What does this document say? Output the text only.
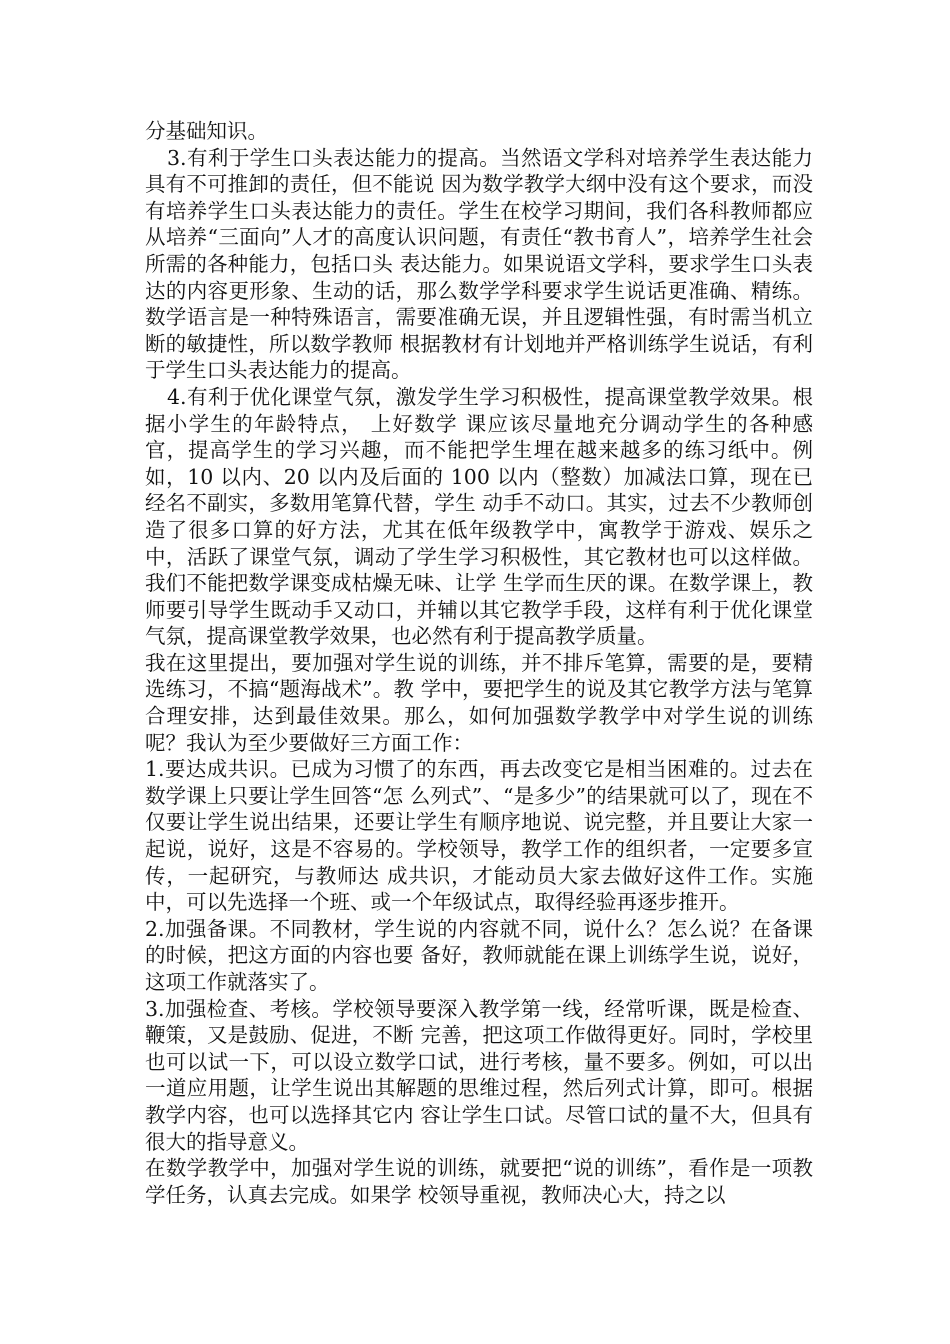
分基础知识。

3.有利于学生口头表达能力的提高。当然语文学科对培养学生表达能力具有不可推卸的责任，但不能说 因为数学教学大纲中没有这个要求，而没有培养学生口头表达能力的责任。学生在校学习期间，我们各科教师都应从培养“三面向”人才的高度认识问题，有责任“教书育人”，培养学生社会所需的各种能力，包括口头 表达能力。如果说语文学科，要求学生口头表达的内容更形象、生动的话，那么数学学科要求学生说话更准确、精练。数学语言是一种特殊语言，需要准确无误，并且逻辑性强，有时需当机立断的敏捷性，所以数学教师 根据教材有计划地并严格训练学生说话，有利于学生口头表达能力的提高。

4.有利于优化课堂气氛，激发学生学习积极性，提高课堂教学效果。根据小学生的年龄特点， 上好数学 课应该尽量地充分调动学生的各种感官，提高学生的学习兴趣，而不能把学生埋在越来越多的练习纸中。例如，10 以内、20 以内及后面的 100 以内（整数）加减法口算，现在已经名不副实，多数用笔算代替，学生 动手不动口。其实，过去不少教师创造了很多口算的好方法，尤其在低年级教学中，寓教学于游戏、娱乐之中，活跃了课堂气氛，调动了学生学习积极性，其它教材也可以这样做。我们不能把数学课变成枯燥无味、让学 生学而生厌的课。在数学课上，教师要引导学生既动手又动口，并辅以其它教学手段，这样有利于优化课堂气氛，提高课堂教学效果，也必然有利于提高教学质量。

我在这里提出，要加强对学生说的训练，并不排斥笔算，需要的是，要精选练习，不搞“题海战术”。教 学中，要把学生的说及其它教学方法与笔算合理安排，达到最佳效果。那么，如何加强数学教学中对学生说的训练呢？我认为至少要做好三方面工作：

1.要达成共识。已成为习惯了的东西，再去改变它是相当困难的。过去在数学课上只要让学生回答“怎 么列式”、“是多少”的结果就可以了，现在不仅要让学生说出结果，还要让学生有顺序地说、说完整，并且要让大家一起说，说好，这是不容易的。学校领导，教学工作的组织者，一定要多宣传，一起研究，与教师达 成共识，才能动员大家去做好这件工作。实施中，可以先选择一个班、或一个年级试点，取得经验再逐步推开。

2.加强备课。不同教材，学生说的内容就不同，说什么？怎么说？在备课的时候，把这方面的内容也要 备好，教师就能在课上训练学生说，说好， 这项工作就落实了。

3.加强检查、考核。学校领导要深入教学第一线，经常听课，既是检查、鞭策，又是鼓励、促进，不断 完善，把这项工作做得更好。同时，学校里也可以试一下，可以设立数学口试，进行考核，量不要多。例如，可以出一道应用题，让学生说出其解题的思维过程，然后列式计算，即可。根据教学内容，也可以选择其它内 容让学生口试。尽管口试的量不大，但具有很大的指导意义。

在数学教学中，加强对学生说的训练，就要把“说的训练”，看作是一项教学任务，认真去完成。如果学 校领导重视，教师决心大，持之以
